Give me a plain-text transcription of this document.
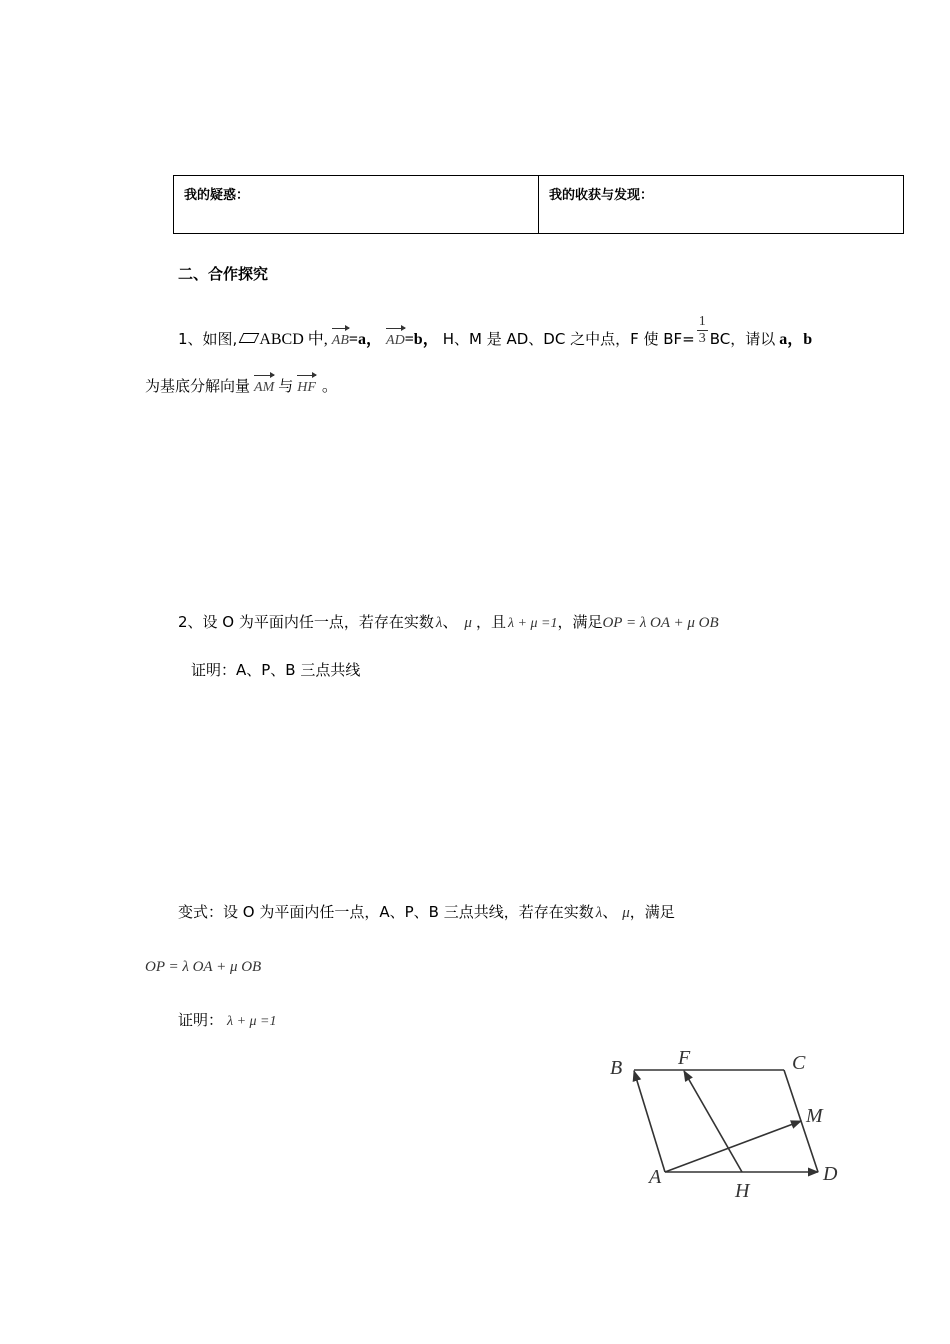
我的疑惑：	我的收获与发现：
二、合作探究
1、如图, ABCD 中, AB=a， AD=b， H、M 是 AD、DC 之中点，F 使 $BF= \frac{1}{3}$ BC，请以 a，b
为基底分解向量 AM 与 HF 。
2、设 O 为平面内任一点，若存在实数 λ、 μ ，且 λ + μ =1，满足OP = λ OA + μ OB
证明：A、P、B 三点共线
变式：设 O 为平面内任一点，A、P、B 三点共线，若存在实数 λ、 μ，满足
OP = λ OA + μ OB
证明： λ + μ =1
B	F	C
M
A
H
D
